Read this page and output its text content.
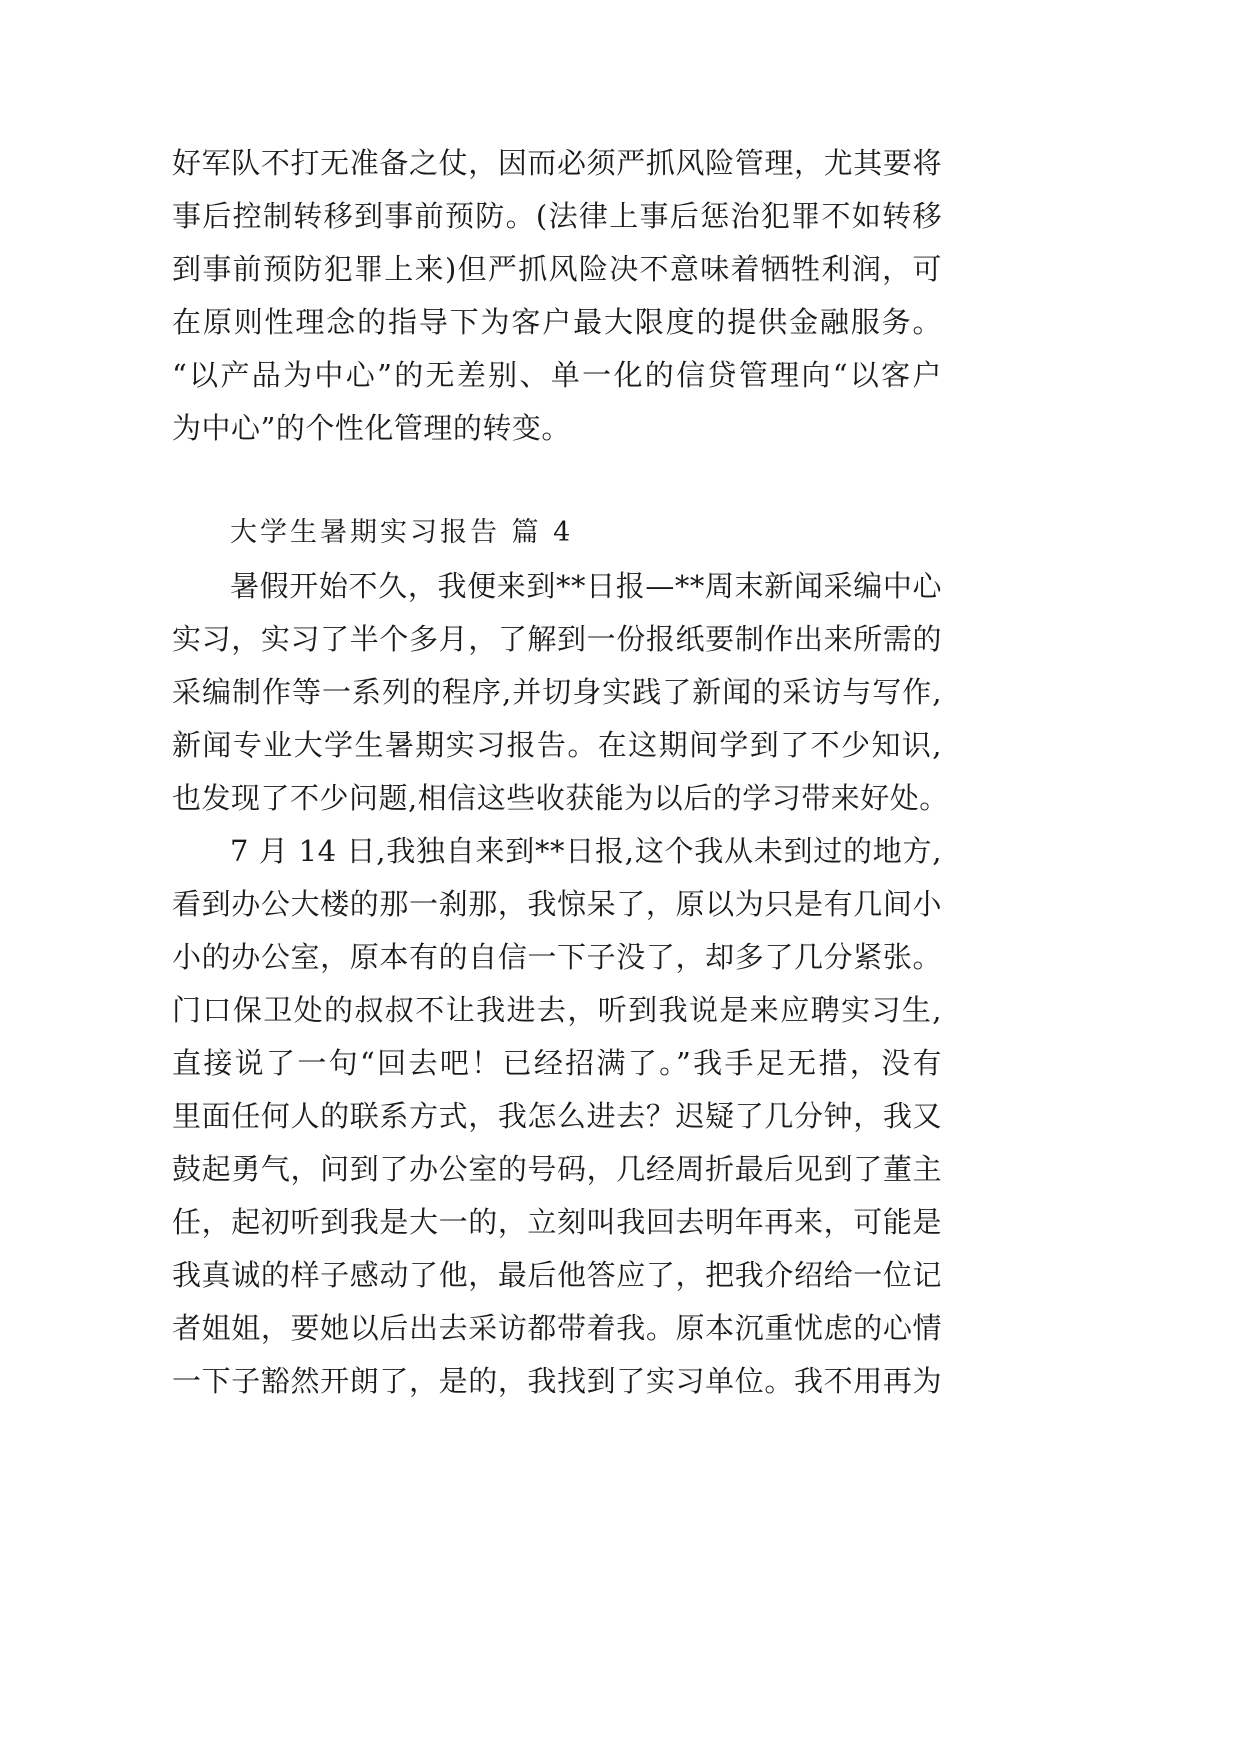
好军队不打无准备之仗，因而必须严抓风险管理，尤其要将
事后控制转移到事前预防。(法律上事后惩治犯罪不如转移
到事前预防犯罪上来)但严抓风险决不意味着牺牲利润，可
在原则性理念的指导下为客户最大限度的提供金融服务。
“以产品为中心”的无差别、单一化的信贷管理向“以客户
为中心”的个性化管理的转变。
大学生暑期实习报告 篇 4
暑假开始不久，我便来到**日报—**周末新闻采编中心
实习，实习了半个多月，了解到一份报纸要制作出来所需的
采编制作等一系列的程序,并切身实践了新闻的采访与写作,
新闻专业大学生暑期实习报告。在这期间学到了不少知识,
也发现了不少问题,相信这些收获能为以后的学习带来好处。
7 月 14 日,我独自来到**日报,这个我从未到过的地方,
看到办公大楼的那一刹那，我惊呆了，原以为只是有几间小
小的办公室，原本有的自信一下子没了，却多了几分紧张。
门口保卫处的叔叔不让我进去，听到我说是来应聘实习生,
直接说了一句“回去吧！已经招满了。”我手足无措，没有
里面任何人的联系方式，我怎么进去？迟疑了几分钟，我又
鼓起勇气，问到了办公室的号码，几经周折最后见到了董主
任，起初听到我是大一的，立刻叫我回去明年再来，可能是
我真诚的样子感动了他，最后他答应了，把我介绍给一位记
者姐姐，要她以后出去采访都带着我。原本沉重忧虑的心情
一下子豁然开朗了，是的，我找到了实习单位。我不用再为
